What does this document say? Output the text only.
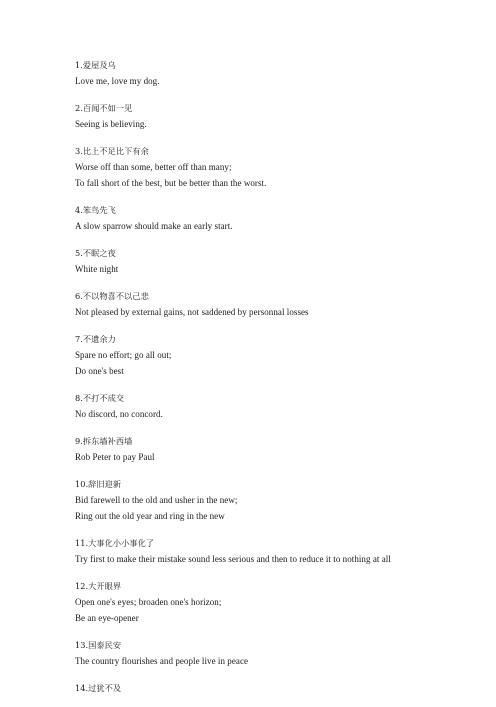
1.爱屋及乌
Love me, love my dog.
2.百闻不如一见
Seeing is believing.
3.比上不足比下有余
Worse off than some, better off than many;
To fall short of the best, but be better than the worst.
4.笨鸟先飞
A slow sparrow should make an early start.
5.不眠之夜
White night
6.不以物喜不以己悲
Not pleased by external gains, not saddened by personnal losses
7.不遗余力
Spare no effort; go all out;
Do one's best
8.不打不成交
No discord, no concord.
9.拆东墙补西墙
Rob Peter to pay Paul
10.辞旧迎新
Bid farewell to the old and usher in the new;
Ring out the old year and ring in the new
11.大事化小小事化了
Try first to make their mistake sound less serious and then to reduce it to nothing at all
12.大开眼界
Open one's eyes; broaden one's horizon;
Be an eye-opener
13.国泰民安
The country flourishes and people live in peace
14.过犹不及
